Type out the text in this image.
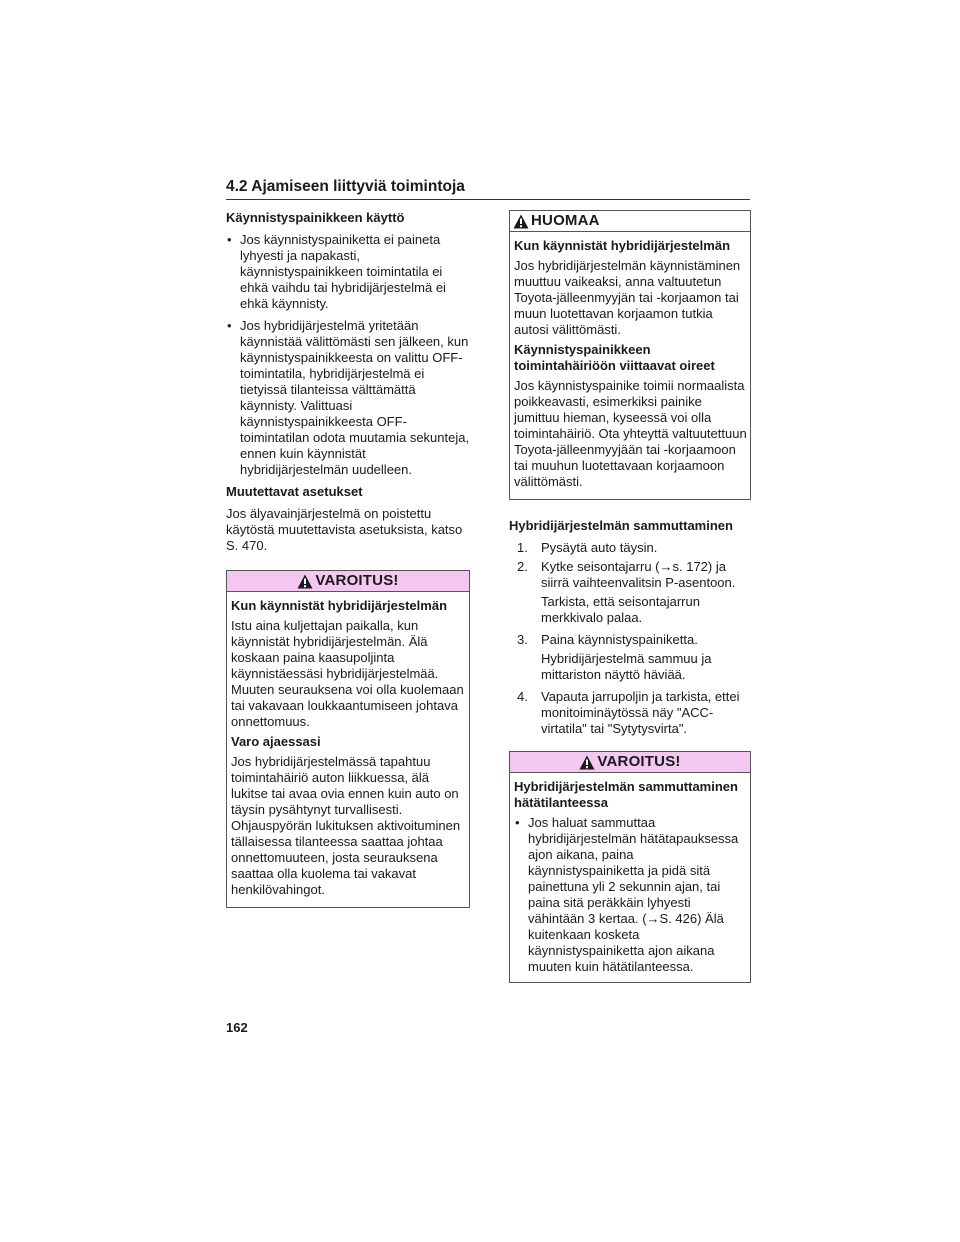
4.2 Ajamiseen liittyviä toimintoja
Käynnistyspainikkeen käyttö
• Jos käynnistyspainiketta ei paineta lyhyesti ja napakasti, käynnistyspainikkeen toimintatila ei ehkä vaihdu tai hybridijärjestelmä ei ehkä käynnisty.
• Jos hybridijärjestelmä yritetään käynnistää välittömästi sen jälkeen, kun käynnistyspainikkeesta on valittu OFF-toimintatila, hybridijärjestelmä ei tietyissä tilanteissa välttämättä käynnisty. Valittuasi käynnistyspainikkeesta OFF-toimintatilan odota muutamia sekunteja, ennen kuin käynnistät hybridijärjestelmän uudelleen.
Muutettavat asetukset

Jos älyavainjärjestelmä on poistettu käytöstä muutettavista asetuksista, katso S. 470.

VAROITUS!
Kun käynnistät hybridijärjestelmän

Istu aina kuljettajan paikalla, kun käynnistät hybridijärjestelmän. Älä koskaan paina kaasupoljinta käynnistäessäsi hybridijärjestelmää. Muuten seurauksena voi olla kuolemaan tai vakavaan loukkaantumiseen johtava onnettomuus.

Varo ajaessasi

Jos hybridijärjestelmässä tapahtuu toimintahäiriö auton liikkuessa, älä lukitse tai avaa ovia ennen kuin auto on täysin pysähtynyt turvallisesti. Ohjauspyörän lukituksen aktivoituminen tällaisessa tilanteessa saattaa johtaa onnettomuuteen, josta seurauksena saattaa olla kuolema tai vakavat henkilövahingot.

HUOMAA
Kun käynnistät hybridijärjestelmän

Jos hybridijärjestelmän käynnistäminen muuttuu vaikeaksi, anna valtuutetun Toyota-jälleenmyyjän tai -korjaamon tai muun luotettavan korjaamon tutkia autosi välittömästi.

Käynnistyspainikkeen toimintahäiriöön viittaavat oireet

Jos käynnistyspainike toimii normaalista poikkeavasti, esimerkiksi painike jumittuu hieman, kyseessä voi olla toimintahäiriö. Ota yhteyttä valtuutettuun Toyota-jälleenmyyjään tai -korjaamoon tai muuhun luotettavaan korjaamoon välittömästi.

Hybridijärjestelmän sammuttaminen
1. Pysäytä auto täysin.
2. Kytke seisontajarru (→s. 172) ja siirrä vaihteenvalitsin P-asentoon.
Tarkista, että seisontajarrun merkkivalo palaa.
3. Paina käynnistyspainiketta.
Hybridijärjestelmä sammuu ja mittariston näyttö häviää.
4. Vapauta jarrupoljin ja tarkista, ettei monitoiminäytössä näy "ACC-virtatila" tai "Sytytysvirta".
VAROITUS!
Hybridijärjestelmän sammuttaminen hätätilanteessa
• Jos haluat sammuttaa hybridijärjestelmän hätätapauksessa ajon aikana, paina käynnistyspainiketta ja pidä sitä painettuna yli 2 sekunnin ajan, tai paina sitä peräkkäin lyhyesti vähintään 3 kertaa. (→S. 426) Älä kuitenkaan kosketa käynnistyspainiketta ajon aikana muuten kuin hätätilanteessa.
162
